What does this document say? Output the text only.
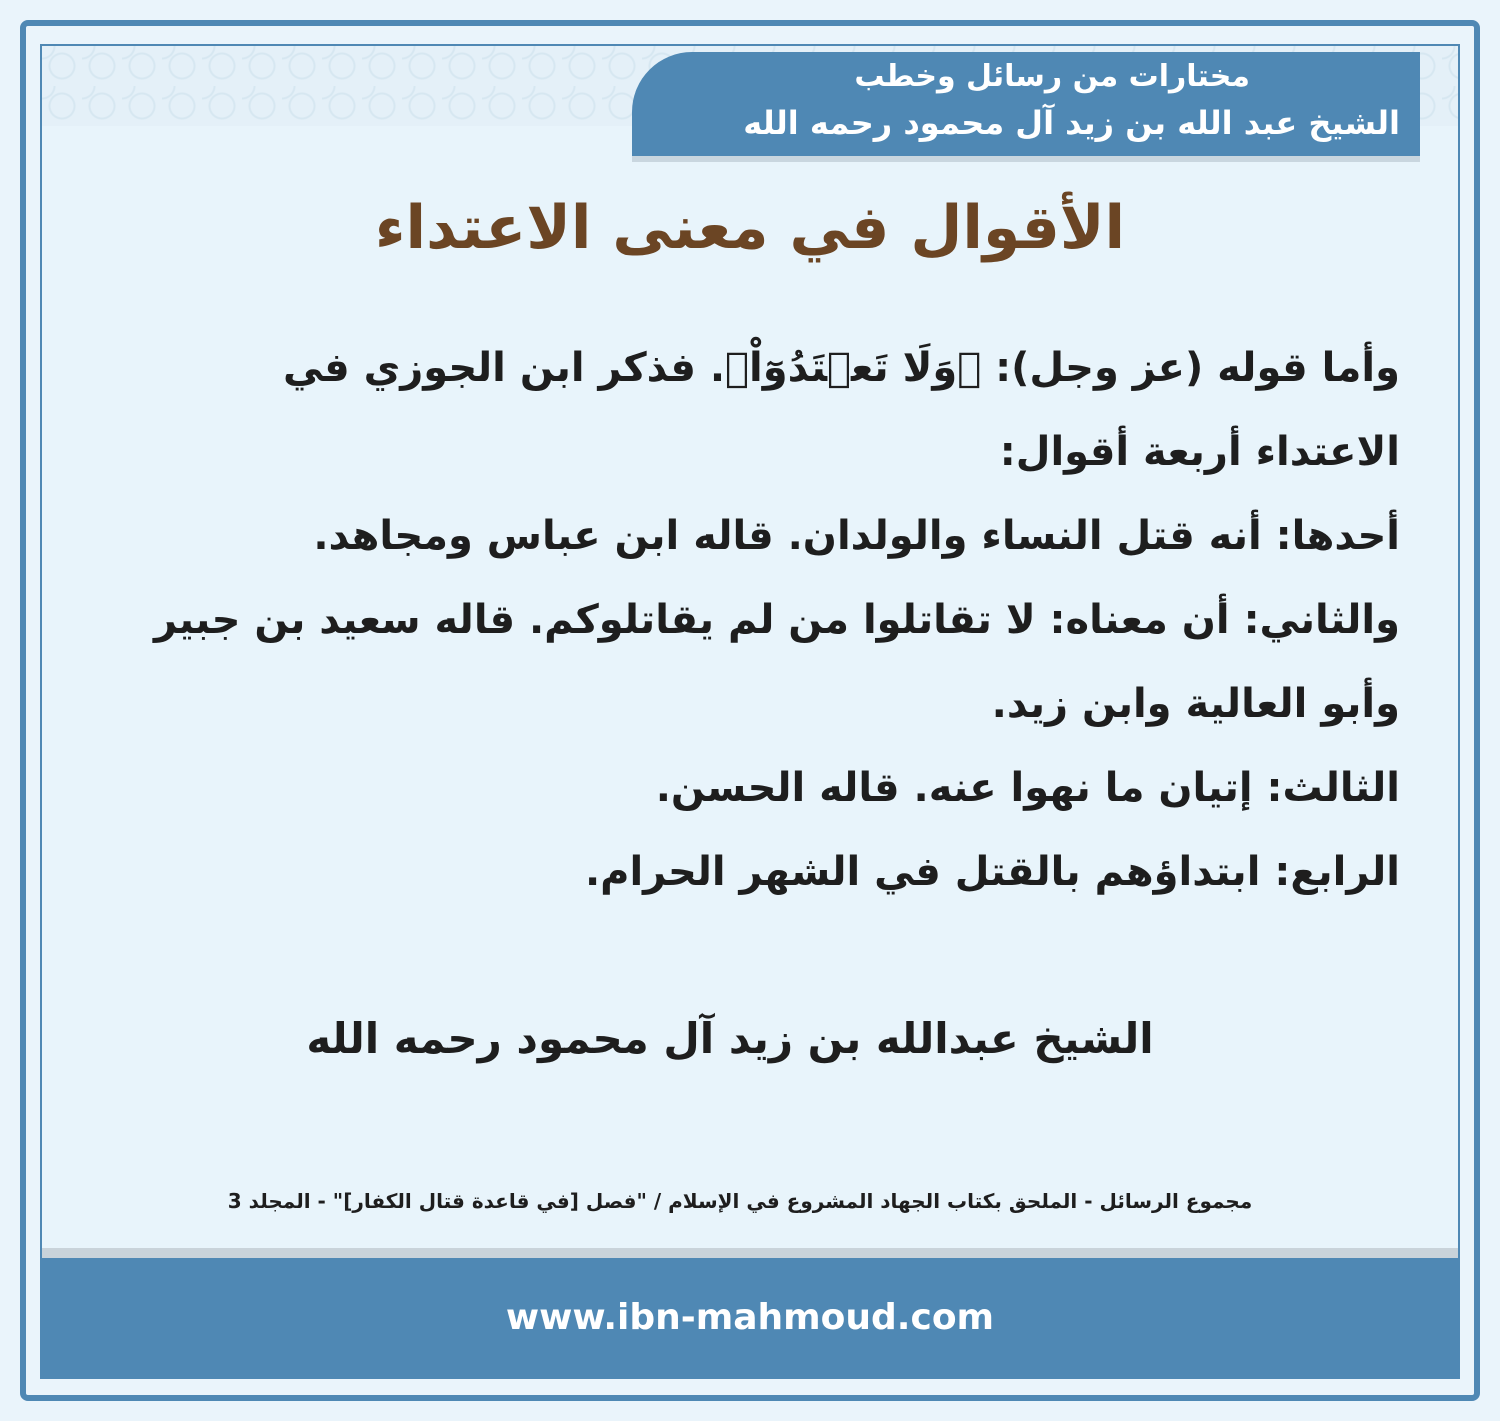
مختارات من رسائل وخطب
الشيخ عبد الله بن زيد آل محمود رحمه الله
الأقوال في معنى الاعتداء

وأما قوله (عز وجل): ﴿وَلَا تَعۡتَدُوٓاْ﴾. فذكر ابن الجوزي في الاعتداء أربعة أقوال:

أحدها: أنه قتل النساء والولدان. قاله ابن عباس ومجاهد.

والثاني: أن معناه: لا تقاتلوا من لم يقاتلوكم. قاله سعيد بن جبير وأبو العالية وابن زيد.

الثالث: إتيان ما نهوا عنه. قاله الحسن.

الرابع: ابتداؤهم بالقتل في الشهر الحرام.

الشيخ عبدالله بن زيد آل محمود رحمه الله
مجموع الرسائل - الملحق بكتاب الجهاد المشروع في الإسلام / "فصل [في قاعدة قتال الكفار]" - المجلد 3
www.ibn-mahmoud.com
